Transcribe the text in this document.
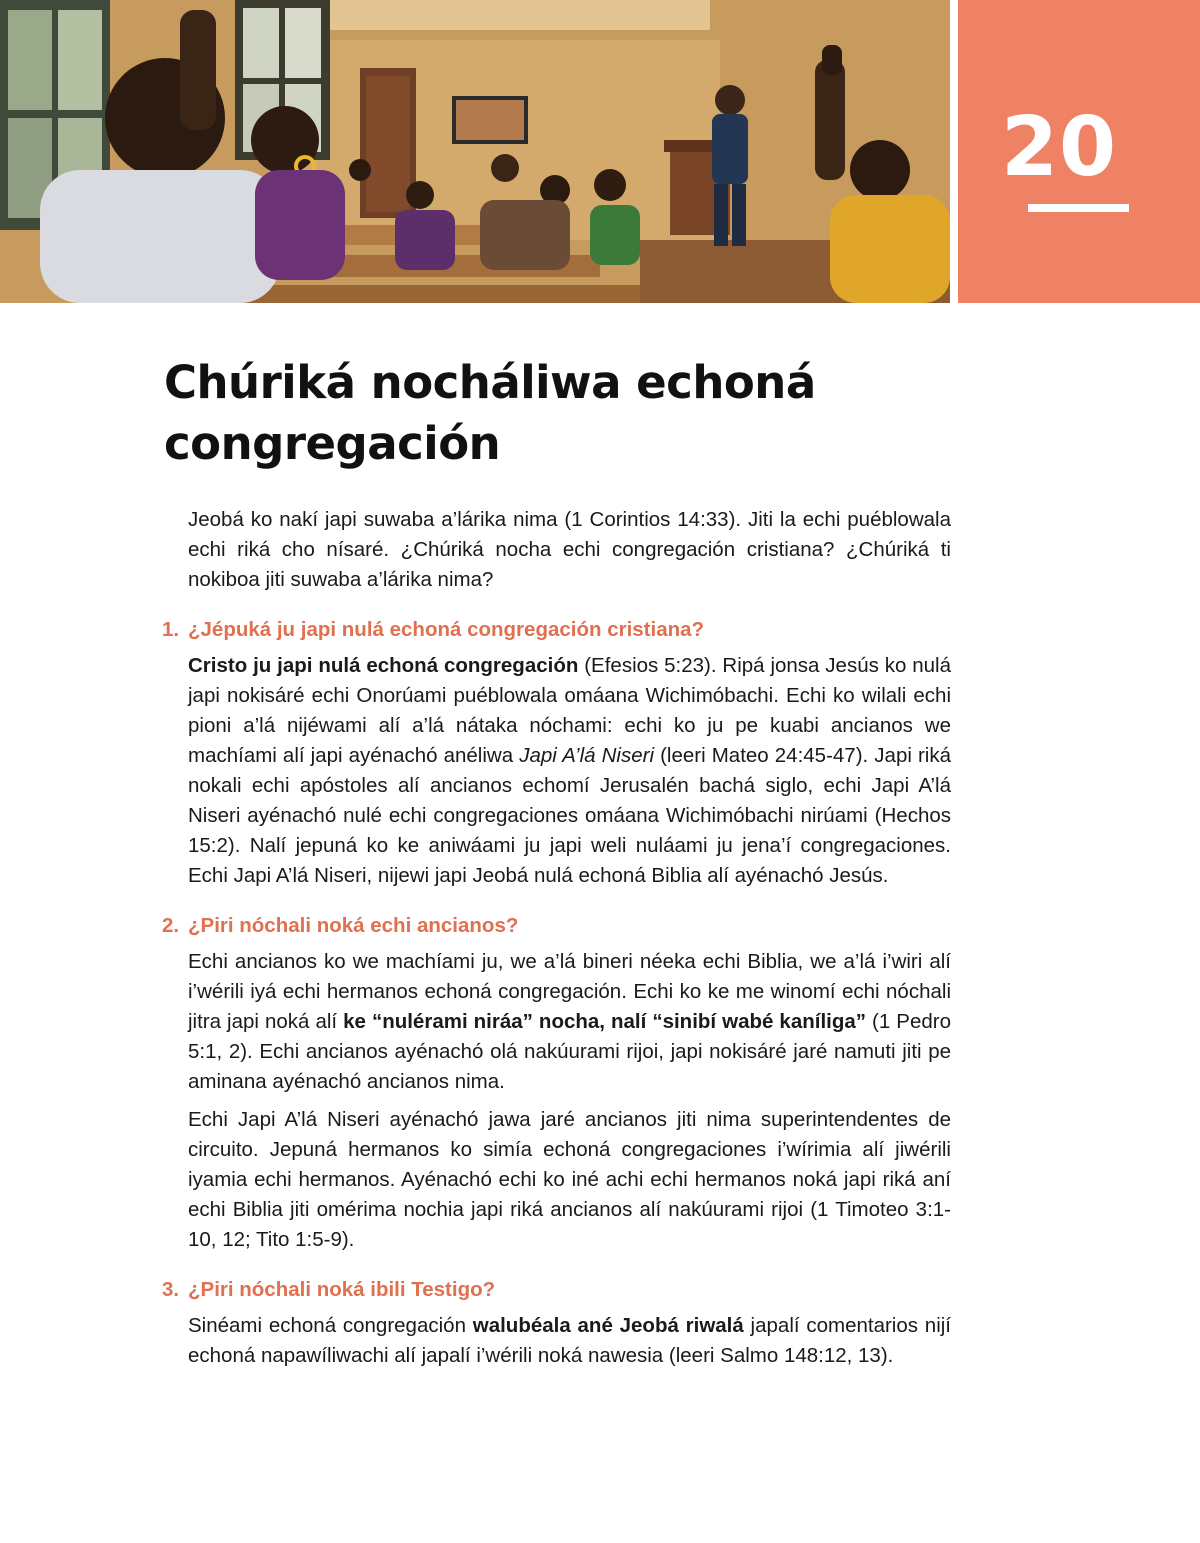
20
Chúriká nocháliwa echoná congregación

Jeobá ko nakí japi suwaba a’lárika nima (1 Corintios 14:33). Jiti la echi puéblowala echi riká cho nísaré. ¿Chúriká nocha echi congregación cristiana? ¿Chúriká ti nokiboa jiti suwaba a’lárika nima?

1. ¿Jépuká ju japi nulá echoná congregación cristiana?

Cristo ju japi nulá echoná congregación (Efesios 5:23). Ripá jonsa Jesús ko nulá japi nokisáré echi Onorúami puéblowala omáana Wichimóbachi. Echi ko wilali echi pioni a’lá nijéwami alí a’lá nátaka nóchami: echi ko ju pe kuabi ancianos we machíami alí japi ayénachó anéliwa Japi A’lá Niseri (leeri Mateo 24:45-47). Japi riká nokali echi apóstoles alí ancianos echomí Jerusalén bachá siglo, echi Japi A’lá Niseri ayénachó nulé echi congregaciones omáana Wichimóbachi nirúami (Hechos 15:2). Nalí jepuná ko ke aniwáami ju japi weli nuláami ju jena’í congregaciones. Echi Japi A’lá Niseri, nijewi japi Jeobá nulá echoná Biblia alí ayénachó Jesús.

2. ¿Piri nóchali noká echi ancianos?

Echi ancianos ko we machíami ju, we a’lá bineri néeka echi Biblia, we a’lá i’wiri alí i’wérili iyá echi hermanos echoná congregación. Echi ko ke me winomí echi nóchali jitra japi noká alí ke “nulérami niráa” nocha, nalí “sinibí wabé kaníliga” (1 Pedro 5:1, 2). Echi ancianos ayénachó olá nakúurami rijoi, japi nokisáré jaré namuti jiti pe aminana ayénachó ancianos nima.

Echi Japi A’lá Niseri ayénachó jawa jaré ancianos jiti nima superintendentes de circuito. Jepuná hermanos ko simía echoná congregaciones i’wírimia alí jiwérili iyamia echi hermanos. Ayénachó echi ko iné achi echi hermanos noká japi riká aní echi Biblia jiti omérima nochia japi riká ancianos alí nakúurami rijoi (1 Timoteo 3:1-10, 12; Tito 1:5-9).

3. ¿Piri nóchali noká ibili Testigo?

Sinéami echoná congregación walubéala ané Jeobá riwalá japalí comentarios nijí echoná napawíliwachi alí japalí i’wérili noká nawesia (leeri Salmo 148:12, 13).
